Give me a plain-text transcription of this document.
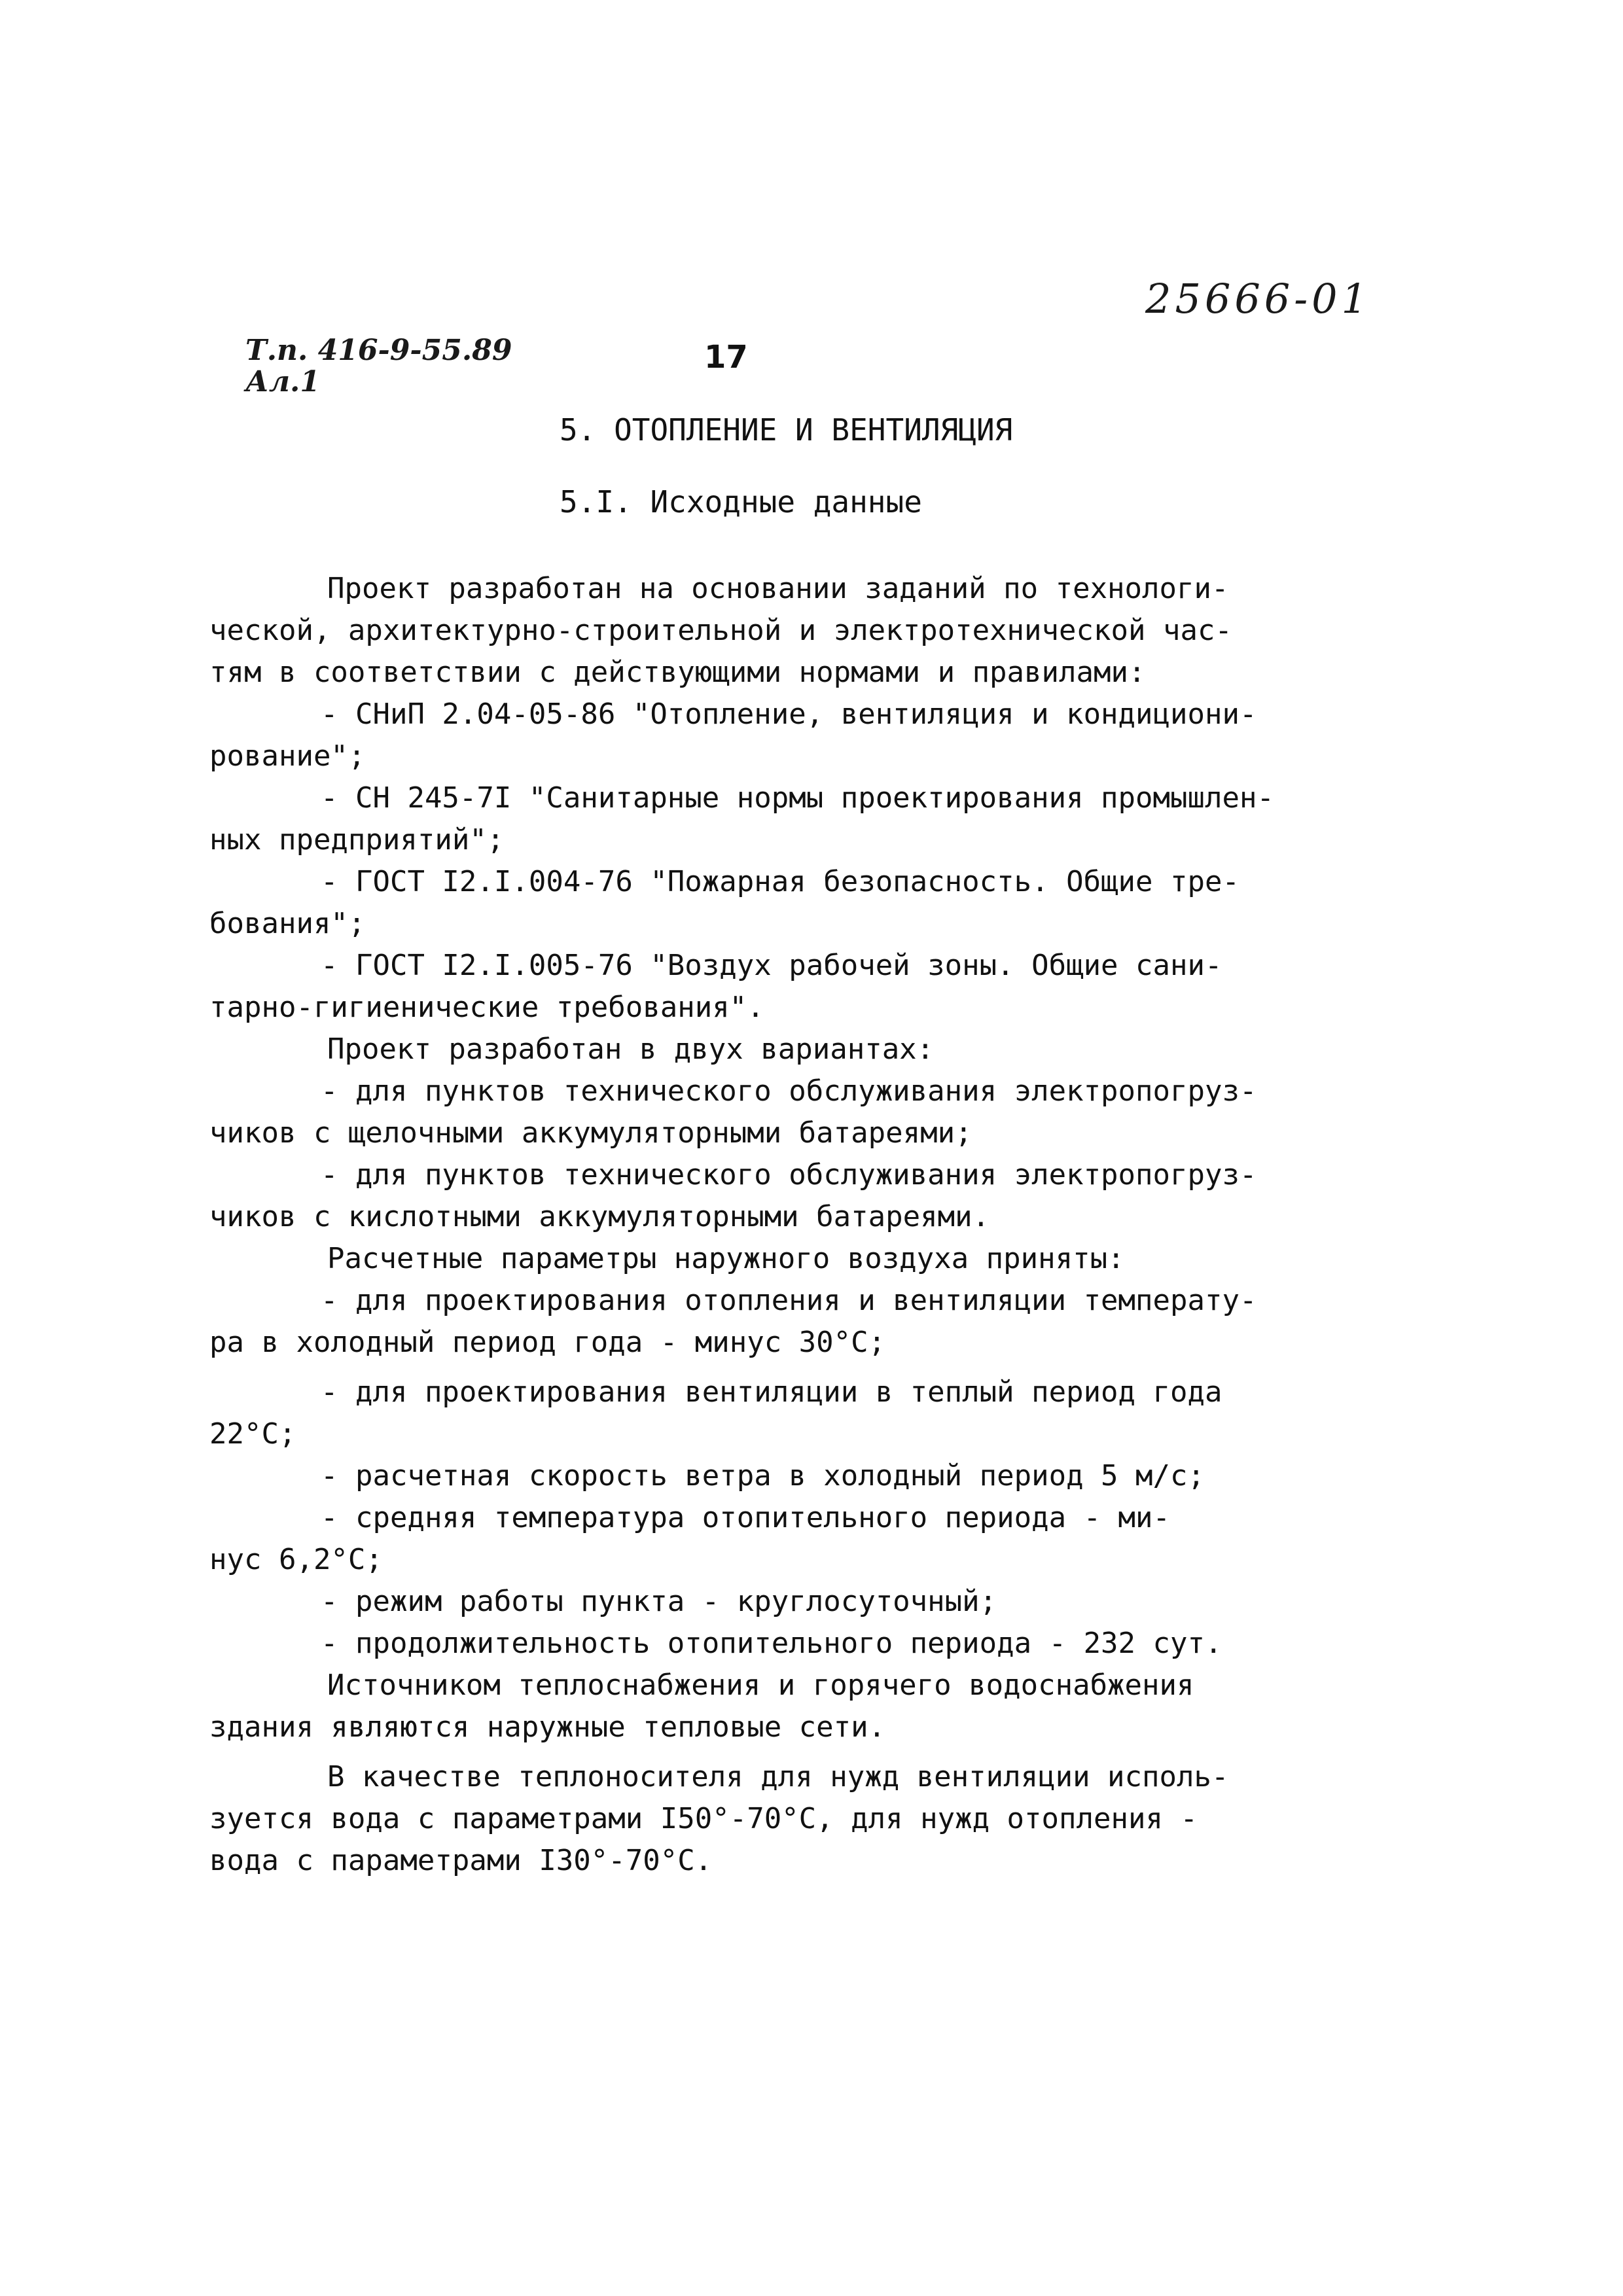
25666-01
Т.п. 416-9-55.89
Ал.1
17
5. ОТОПЛЕНИЕ И ВЕНТИЛЯЦИЯ
5.I. Исходные данные
Проект разработан на основании заданий по технологи-
ческой, архитектурно-строительной и электротехнической час-
тям в соответствии с действующими нормами и правилами:
- СНиП 2.04-05-86 "Отопление, вентиляция и кондициони-
рование";
- СН 245-7I "Санитарные нормы проектирования промышлен-
ных предприятий";
- ГОСТ I2.I.004-76 "Пожарная безопасность. Общие тре-
бования";
- ГОСТ I2.I.005-76 "Воздух рабочей зоны. Общие сани-
тарно-гигиенические требования".
Проект разработан в двух вариантах:
- для пунктов технического обслуживания электропогруз-
чиков с щелочными аккумуляторными батареями;
- для пунктов технического обслуживания электропогруз-
чиков с кислотными аккумуляторными батареями.
Расчетные параметры наружного воздуха приняты:
- для проектирования отопления и вентиляции температу-
ра в холодный период года - минус 30°C;
- для проектирования вентиляции в теплый период года
22°C;
- расчетная скорость ветра в холодный период 5 м/с;
- средняя температура отопительного периода - ми-
нус 6,2°C;
- режим работы пункта - круглосуточный;
- продолжительность отопительного периода - 232 сут.
Источником теплоснабжения и горячего водоснабжения
здания являются наружные тепловые сети.
В качестве теплоносителя для нужд вентиляции исполь-
зуется вода с параметрами I50°-70°C, для нужд отопления -
вода с параметрами I30°-70°C.
